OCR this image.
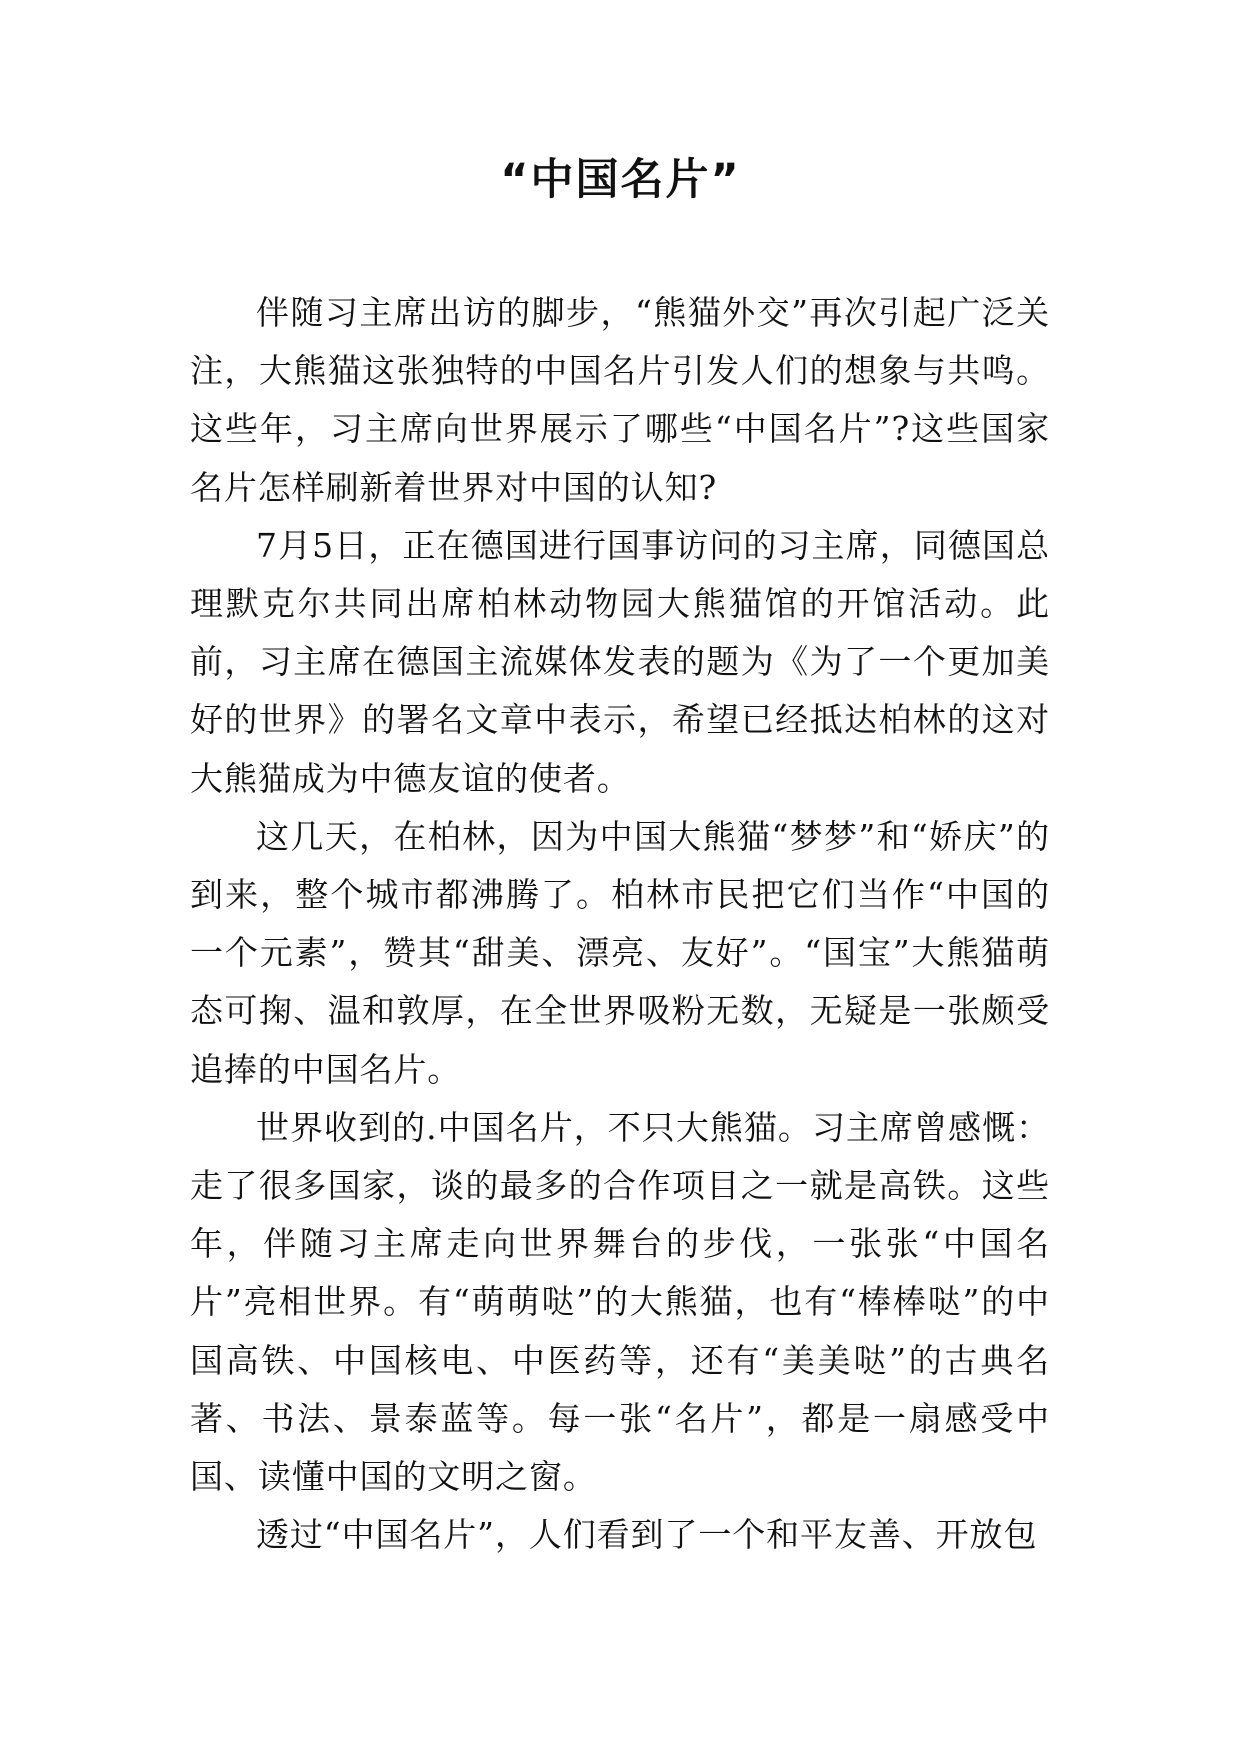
“中国名片”

伴随习主席出访的脚步，“熊猫外交”再次引起广泛关注，大熊猫这张独特的中国名片引发人们的想象与共鸣。这些年，习主席向世界展示了哪些“中国名片”?这些国家名片怎样刷新着世界对中国的认知?

7月5日，正在德国进行国事访问的习主席，同德国总理默克尔共同出席柏林动物园大熊猫馆的开馆活动。此前，习主席在德国主流媒体发表的题为《为了一个更加美好的世界》的署名文章中表示，希望已经抵达柏林的这对大熊猫成为中德友谊的使者。

这几天，在柏林，因为中国大熊猫“梦梦”和“娇庆”的到来，整个城市都沸腾了。柏林市民把它们当作“中国的一个元素”，赞其“甜美、漂亮、友好”。“国宝”大熊猫萌态可掬、温和敦厚，在全世界吸粉无数，无疑是一张颇受追捧的中国名片。

世界收到的.中国名片，不只大熊猫。习主席曾感慨：走了很多国家，谈的最多的合作项目之一就是高铁。这些年，伴随习主席走向世界舞台的步伐，一张张“中国名片”亮相世界。有“萌萌哒”的大熊猫，也有“棒棒哒”的中国高铁、中国核电、中医药等，还有“美美哒”的古典名著、书法、景泰蓝等。每一张“名片”，都是一扇感受中国、读懂中国的文明之窗。

透过“中国名片”，人们看到了一个和平友善、开放包
